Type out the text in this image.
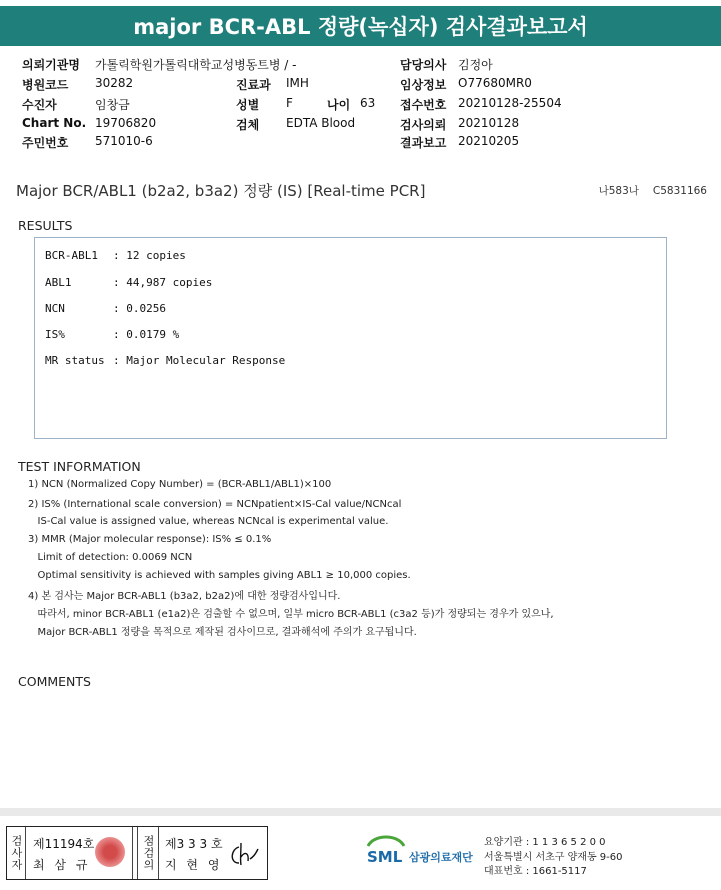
major BCR-ABL 정량(녹십자) 검사결과보고서
의뢰기관명 가톨릭학원가톨릭대학교성병동트병 / -	담당의사 김정아
병원코드 30282	진료과 IMH	임상정보 O77680MR0
수진자	임창금	성별 F	나이 63 접수번호 20210128-25504
Chart No. 19706820	검체 EDTA Blood	검사의뢰 20210128
주민번호 571010-6	결과보고 20210205
Major BCR/ABL1 (b2a2, b3a2) 정량 (IS) [Real-time PCR]	나583나 C5831166
RESULTS
BCR-ABL1 : 12 copies
ABL1	: 44,987 copies
NCN	: 0.0256
IS%	: 0.0179 %
MR status : Major Molecular Response
TEST INFORMATION
1) NCN (Normalized Copy Number) = (BCR-ABL1/ABL1)×100
2) IS% (International scale conversion) = NCNpatient×IS-Cal value/NCNcal
IS-Cal value is assigned value, whereas NCNcal is experimental value.
3) MMR (Major molecular response): IS% ≤ 0.1%
Limit of detection: 0.0069 NCN
Optimal sensitivity is achieved with samples giving ABL1 ≥ 10,000 copies.
4) 본 검사는 Major BCR-ABL1 (b3a2, b2a2)에 대한 정량검사입니다.
따라서, minor BCR-ABL1 (e1a2)은 검출할 수 없으며, 일부 micro BCR-ABL1 (c3a2 등)가 정량되는 경우가 있으나,
Major BCR-ABL1 정량을 목적으로 제작된 검사이므로, 결과해석에 주의가 요구됩니다.
COMMENTS
검사자 제11194호
최 삼 규	점검의 제3 3 3 호
지 현 영	SML 삼광의료재단
요양기관 : 1 1 3 6 5 2 0 0
서울특별시 서초구 양재동 9-60
대표번호 : 1661-5117
